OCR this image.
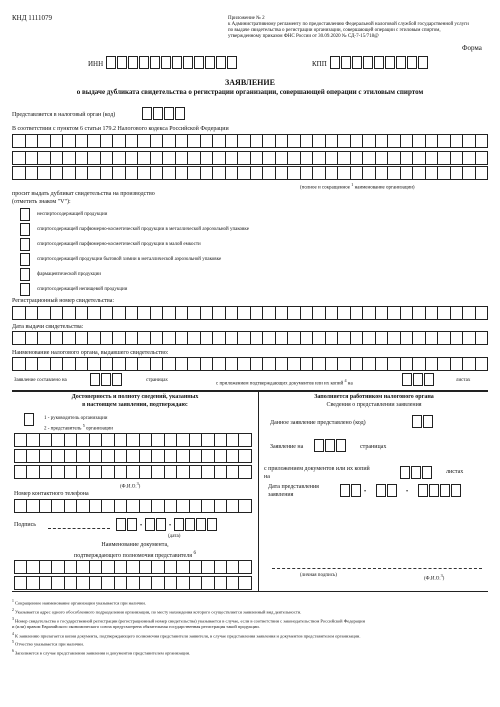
КНД 1111079	Приложение № 2
к Административному регламенту по предоставлению Федеральной налоговой службой государственной услуги
по выдаче свидетельства о регистрации организации, совершающей операции с этиловым спиртом,
утвержденному приказом ФНС России от 30.09.2020 № СД-7-15/718@
Форма
ИНН	КПП
ЗАЯВЛЕНИЕ
о выдаче дубликата свидетельства о регистрации организации, совершающей операции с этиловым спиртом
Представляется в налоговый орган (код)
В соответствии с пунктом 6 статьи 179.2 Налогового кодекса Российской Федерации
(полное и сокращенное $^1$ наименование организации)
просит выдать дубликат свидетельства на производство
(отметить знаком "V"):
неспиртосодержащей продукции
спиртосодержащей парфюмерно-косметической продукции в металлической аэрозольной упаковке
спиртосодержащей парфюмерно-косметической продукции в малой емкости
спиртосодержащей продукции бытовой химии в металлической аэрозольной упаковке
фармацевтической продукции
спиртосодержащей непищевой продукции
Регистрационный номер свидетельства:
Дата выдачи свидетельства:
Наименование налогового органа, выдавшего свидетельство:
Заявление составлено на	страницах
с приложением подтверждающих документов или их копий $^4$ на
листах
Достоверность и полноту сведений, указанных
в настоящем заявлении, подтверждаю:
1 - руководитель организации
2 - представитель $^5$ организации
(Ф.И.О.$^3$)
Номер контактного телефона
Подпись	•	•
(дата)
Наименование документа,
подтверждающего полномочия представителя $^6$
Заполняется работником налогового органа
Сведения о представлении заявления
Данное заявление представлено (код)
Заявление на	страницах
с приложением документов или их копий
на
листах
Дата представления
заявления	•	•
(личная подпись)
(Ф.И.О.$^3$)
$^1$ Сокращенное наименование организации указывается при наличии.
$^2$ Указывается адрес одного обособленного подразделения организации, по месту нахождения которого осуществляется заявленный вид деятельности.
$^3$ Номер свидетельства о государственной регистрации (регистрационный номер свидетельства) указывается в случае, если в соответствии с законодательством Российской Федерации
и (или) правом Евразийского экономического союза предусмотрена обязательная государственная регистрация такой продукции.
$^4$ К заявлению прилагается копия документа, подтверждающего полномочия представителя заявителя, в случае представления заявления и документов представителем организации.
$^5$ Отчество указывается при наличии.
$^6$ Заполняется в случае представления заявления и документов представителем организации.
